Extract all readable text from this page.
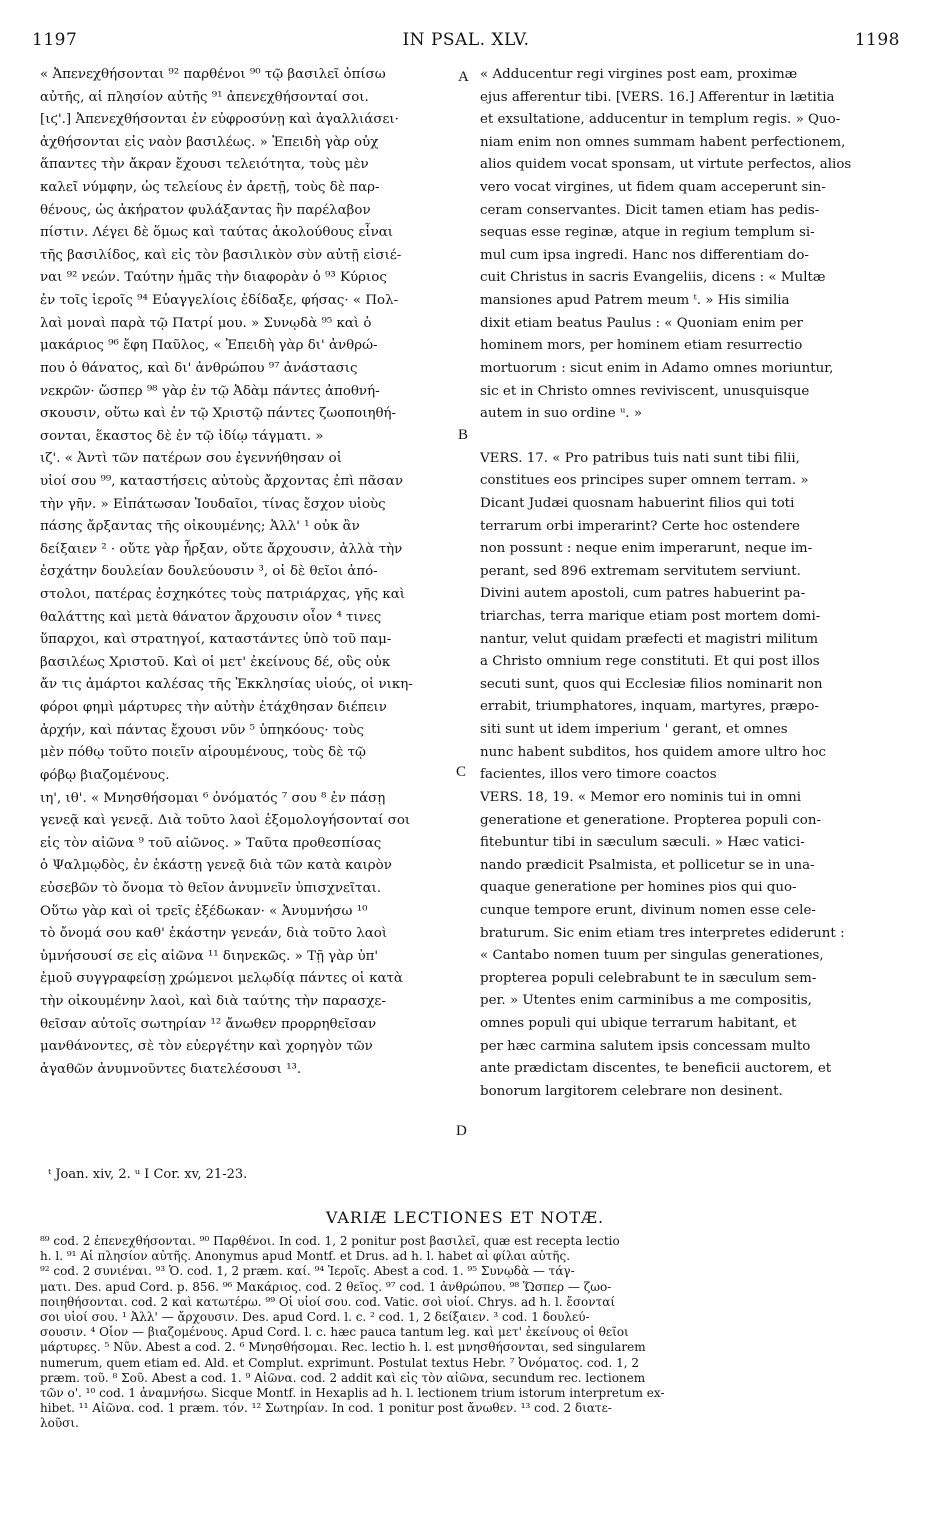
1197	IN PSAL. XLV.	1198
« Ἀπενεχθήσονται ⁹² παρθένοι ⁹⁰ τῷ βασιλεῖ ὀπίσω
αὐτῆς, αἱ πλησίον αὐτῆς ⁹¹ ἀπενεχθήσονταί σοι.
[ιϛ'.] Ἀπενεχθήσονται ἐν εὐφροσύνῃ καὶ ἀγαλλιάσει·
ἀχθήσονται εἰς ναὸν βασιλέως. » Ἐπειδὴ γὰρ οὐχ
ἅπαντες τὴν ἄκραν ἔχουσι τελειότητα, τοὺς μὲν
καλεῖ νύμφην, ὡς τελείους ἐν ἀρετῇ, τοὺς δὲ παρ-
θένους, ὡς ἀκήρατον φυλάξαντας ἣν παρέλαβον
πίστιν. Λέγει δὲ ὅμως καὶ ταύτας ἀκολούθους εἶναι
τῆς βασιλίδος, καὶ εἰς τὸν βασιλικὸν σὺν αὐτῇ εἰσιέ-
ναι ⁹² νεών. Ταύτην ἡμᾶς τὴν διαφορὰν ὁ ⁹³ Κύριος
ἐν τοῖς ἱεροῖς ⁹⁴ Εὐαγγελίοις ἐδίδαξε, φήσας· « Πολ-
λαὶ μοναὶ παρὰ τῷ Πατρί μου. » Συνῳδὰ ⁹⁵ καὶ ὁ
μακάριος ⁹⁶ ἔφη Παῦλος, « Ἐπειδὴ γὰρ δι' ἀνθρώ-
που ὁ θάνατος, καὶ δι' ἀνθρώπου ⁹⁷ ἀνάστασις
νεκρῶν· ὥσπερ ⁹⁸ γὰρ ἐν τῷ Ἀδὰμ πάντες ἀποθνή-
σκουσιν, οὕτω καὶ ἐν τῷ Χριστῷ πάντες ζωοποιηθή-
σονται, ἕκαστος δὲ ἐν τῷ ἰδίῳ τάγματι. »
ιζ'. « Ἀντὶ τῶν πατέρων σου ἐγεννήθησαν οἱ
υἱοί σου ⁹⁹, καταστήσεις αὐτοὺς ἄρχοντας ἐπὶ πᾶσαν
τὴν γῆν. » Εἰπάτωσαν Ἰουδαῖοι, τίνας ἔσχον υἱοὺς
πάσης ἄρξαντας τῆς οἰκουμένης; Ἀλλ' ¹ οὐκ ἂν
δείξαιεν ² · οὔτε γὰρ ἦρξαν, οὔτε ἄρχουσιν, ἀλλὰ τὴν
ἐσχάτην δουλείαν δουλεύουσιν ³, οἱ δὲ θεῖοι ἀπό-
στολοι, πατέρας ἐσχηκότες τοὺς πατριάρχας, γῆς καὶ
θαλάττης καὶ μετὰ θάνατον ἄρχουσιν οἷον ⁴ τινες
ὕπαρχοι, καὶ στρατηγοί, καταστάντες ὑπὸ τοῦ παμ-
βασιλέως Χριστοῦ. Καὶ οἱ μετ' ἐκείνους δέ, οὓς οὐκ
ἄν τις ἁμάρτοι καλέσας τῆς Ἐκκλησίας υἱούς, οἱ νικη-
φόροι φημὶ μάρτυρες τὴν αὐτὴν ἐτάχθησαν διέπειν
ἀρχήν, καὶ πάντας ἔχουσι νῦν ⁵ ὑπηκόους· τοὺς
μὲν πόθῳ τοῦτο ποιεῖν αἱρουμένους, τοὺς δὲ τῷ
φόβῳ βιαζομένους.
ιη', ιθ'. « Μνησθήσομαι ⁶ ὀνόματός ⁷ σου ⁸ ἐν πάσῃ
γενεᾷ καὶ γενεᾷ. Διὰ τοῦτο λαοὶ ἐξομολογήσονταί σοι
εἰς τὸν αἰῶνα ⁹ τοῦ αἰῶνος. » Ταῦτα προθεσπίσας
ὁ Ψαλμῳδὸς, ἐν ἑκάστῃ γενεᾷ διὰ τῶν κατὰ καιρὸν
εὐσεβῶν τὸ ὄνομα τὸ θεῖον ἀνυμνεῖν ὑπισχνεῖται.
Οὕτω γὰρ καὶ οἱ τρεῖς ἐξέδωκαν· « Ἀνυμνήσω ¹⁰
τὸ ὄνομά σου καθ' ἑκάστην γενεάν, διὰ τοῦτο λαοὶ
ὑμνήσουσί σε εἰς αἰῶνα ¹¹ διηνεκῶς. » Τῇ γὰρ ὑπ'
ἐμοῦ συγγραφείσῃ χρώμενοι μελῳδίᾳ πάντες οἱ κατὰ
τὴν οἰκουμένην λαοὶ, καὶ διὰ ταύτης τὴν παρασχε-
θεῖσαν αὐτοῖς σωτηρίαν ¹² ἄνωθεν προρρηθεῖσαν
μανθάνοντες, σὲ τὸν εὐεργέτην καὶ χορηγὸν τῶν
ἀγαθῶν ἀνυμνοῦντες διατελέσουσι ¹³.
« Adducentur regi virgines post eam, proximæ
ejus afferentur tibi. [VERS. 16.] Afferentur in lætitia
et exsultatione, adducentur in templum regis. » Quo-
niam enim non omnes summam habent perfectionem,
alios quidem vocat sponsam, ut virtute perfectos, alios
vero vocat virgines, ut fidem quam acceperunt sin-
ceram conservantes. Dicit tamen etiam has pedis-
sequas esse reginæ, atque in regium templum si-
mul cum ipsa ingredi. Hanc nos differentiam do-
cuit Christus in sacris Evangeliis, dicens : « Multæ
mansiones apud Patrem meum ᵗ. » His similia
dixit etiam beatus Paulus : « Quoniam enim per
hominem mors, per hominem etiam resurrectio
mortuorum : sicut enim in Adamo omnes moriuntur,
sic et in Christo omnes reviviscent, unusquisque
autem in suo ordine ᵘ. »
VERS. 17. « Pro patribus tuis nati sunt tibi filii,
constitues eos principes super omnem terram. »
Dicant Judæi quosnam habuerint filios qui toti
terrarum orbi imperarint? Certe hoc ostendere
non possunt : neque enim imperarunt, neque im-
perant, sed 896 extremam servitutem serviunt.
Divini autem apostoli, cum patres habuerint pa-
triarchas, terra marique etiam post mortem domi-
nantur, velut quidam præfecti et magistri militum
a Christo omnium rege constituti. Et qui post illos
secuti sunt, quos qui Ecclesiæ filios nominarit non
errabit, triumphatores, inquam, martyres, præpo-
siti sunt ut idem imperium ' gerant, et omnes
nunc habent subditos, hos quidem amore ultro hoc
facientes, illos vero timore coactos
VERS. 18, 19. « Memor ero nominis tui in omni
generatione et generatione. Propterea populi con-
fitebuntur tibi in sæculum sæculi. » Hæc vatici-
nando prædicit Psalmista, et pollicetur se in una-
quaque generatione per homines pios qui quo-
cunque tempore erunt, divinum nomen esse cele-
braturum. Sic enim etiam tres interpretes ediderunt :
« Cantabo nomen tuum per singulas generationes,
propterea populi celebrabunt te in sæculum sem-
per. » Utentes enim carminibus a me compositis,
omnes populi qui ubique terrarum habitant, et
per hæc carmina salutem ipsis concessam multo
ante prædictam discentes, te beneficii auctorem, et
bonorum largitorem celebrare non desinent.
A
B
C
D
ᵗ Joan. xiv, 2. ᵘ I Cor. xv, 21-23.
VARIÆ LECTIONES ET NOTÆ.
⁸⁹ cod. 2 ἐπενεχθήσονται. ⁹⁰ Παρθένοι. In cod. 1, 2 ponitur post βασιλεῖ, quæ est recepta lectio
h. l. ⁹¹ Αἱ πλησίον αὐτῆς. Anonymus apud Montf. et Drus. ad h. l. habet αἱ φίλαι αὐτῆς.
⁹² cod. 2 συνιέναι. ⁹³ Ὁ. cod. 1, 2 præm. καί. ⁹⁴ Ἱεροῖς. Abest a cod. 1. ⁹⁵ Συνῳδὰ — τάγ-
ματι. Des. apud Cord. p. 856. ⁹⁶ Μακάριος. cod. 2 θεῖος. ⁹⁷ cod. 1 ἀνθρώπου. ⁹⁸ Ὥσπερ — ζωο-
ποιηθήσονται. cod. 2 καὶ κατωτέρω. ⁹⁹ Οἱ υἱοί σου. cod. Vatic. σοὶ υἱοί. Chrys. ad h. l. ἔσονταί
σοι υἱοί σου. ¹ Ἀλλ' — ἄρχουσιν. Des. apud Cord. l. c. ² cod. 1, 2 δείξαιεν. ³ cod. 1 δουλεύ-
σουσιν. ⁴ Οἷον — βιαζομένους. Apud Cord. l. c. hæc pauca tantum leg. καὶ μετ' ἐκείνους οἱ θεῖοι
μάρτυρες. ⁵ Νῦν. Abest a cod. 2. ⁶ Μνησθήσομαι. Rec. lectio h. l. est μνησθήσονται, sed singularem
numerum, quem etiam ed. Ald. et Complut. exprimunt. Postulat textus Hebr. ⁷ Ὀνόματος. cod. 1, 2
præm. τοῦ. ⁸ Σοῦ. Abest a cod. 1. ⁹ Αἰῶνα. cod. 2 addit καὶ εἰς τὸν αἰῶνα, secundum rec. lectionem
τῶν ο'. ¹⁰ cod. 1 ἀναμνήσω. Sicque Montf. in Hexaplis ad h. l. lectionem trium istorum interpretum ex-
hibet. ¹¹ Αἰῶνα. cod. 1 præm. τόν. ¹² Σωτηρίαν. In cod. 1 ponitur post ἄνωθεν. ¹³ cod. 2 διατε-
λοῦσι.
